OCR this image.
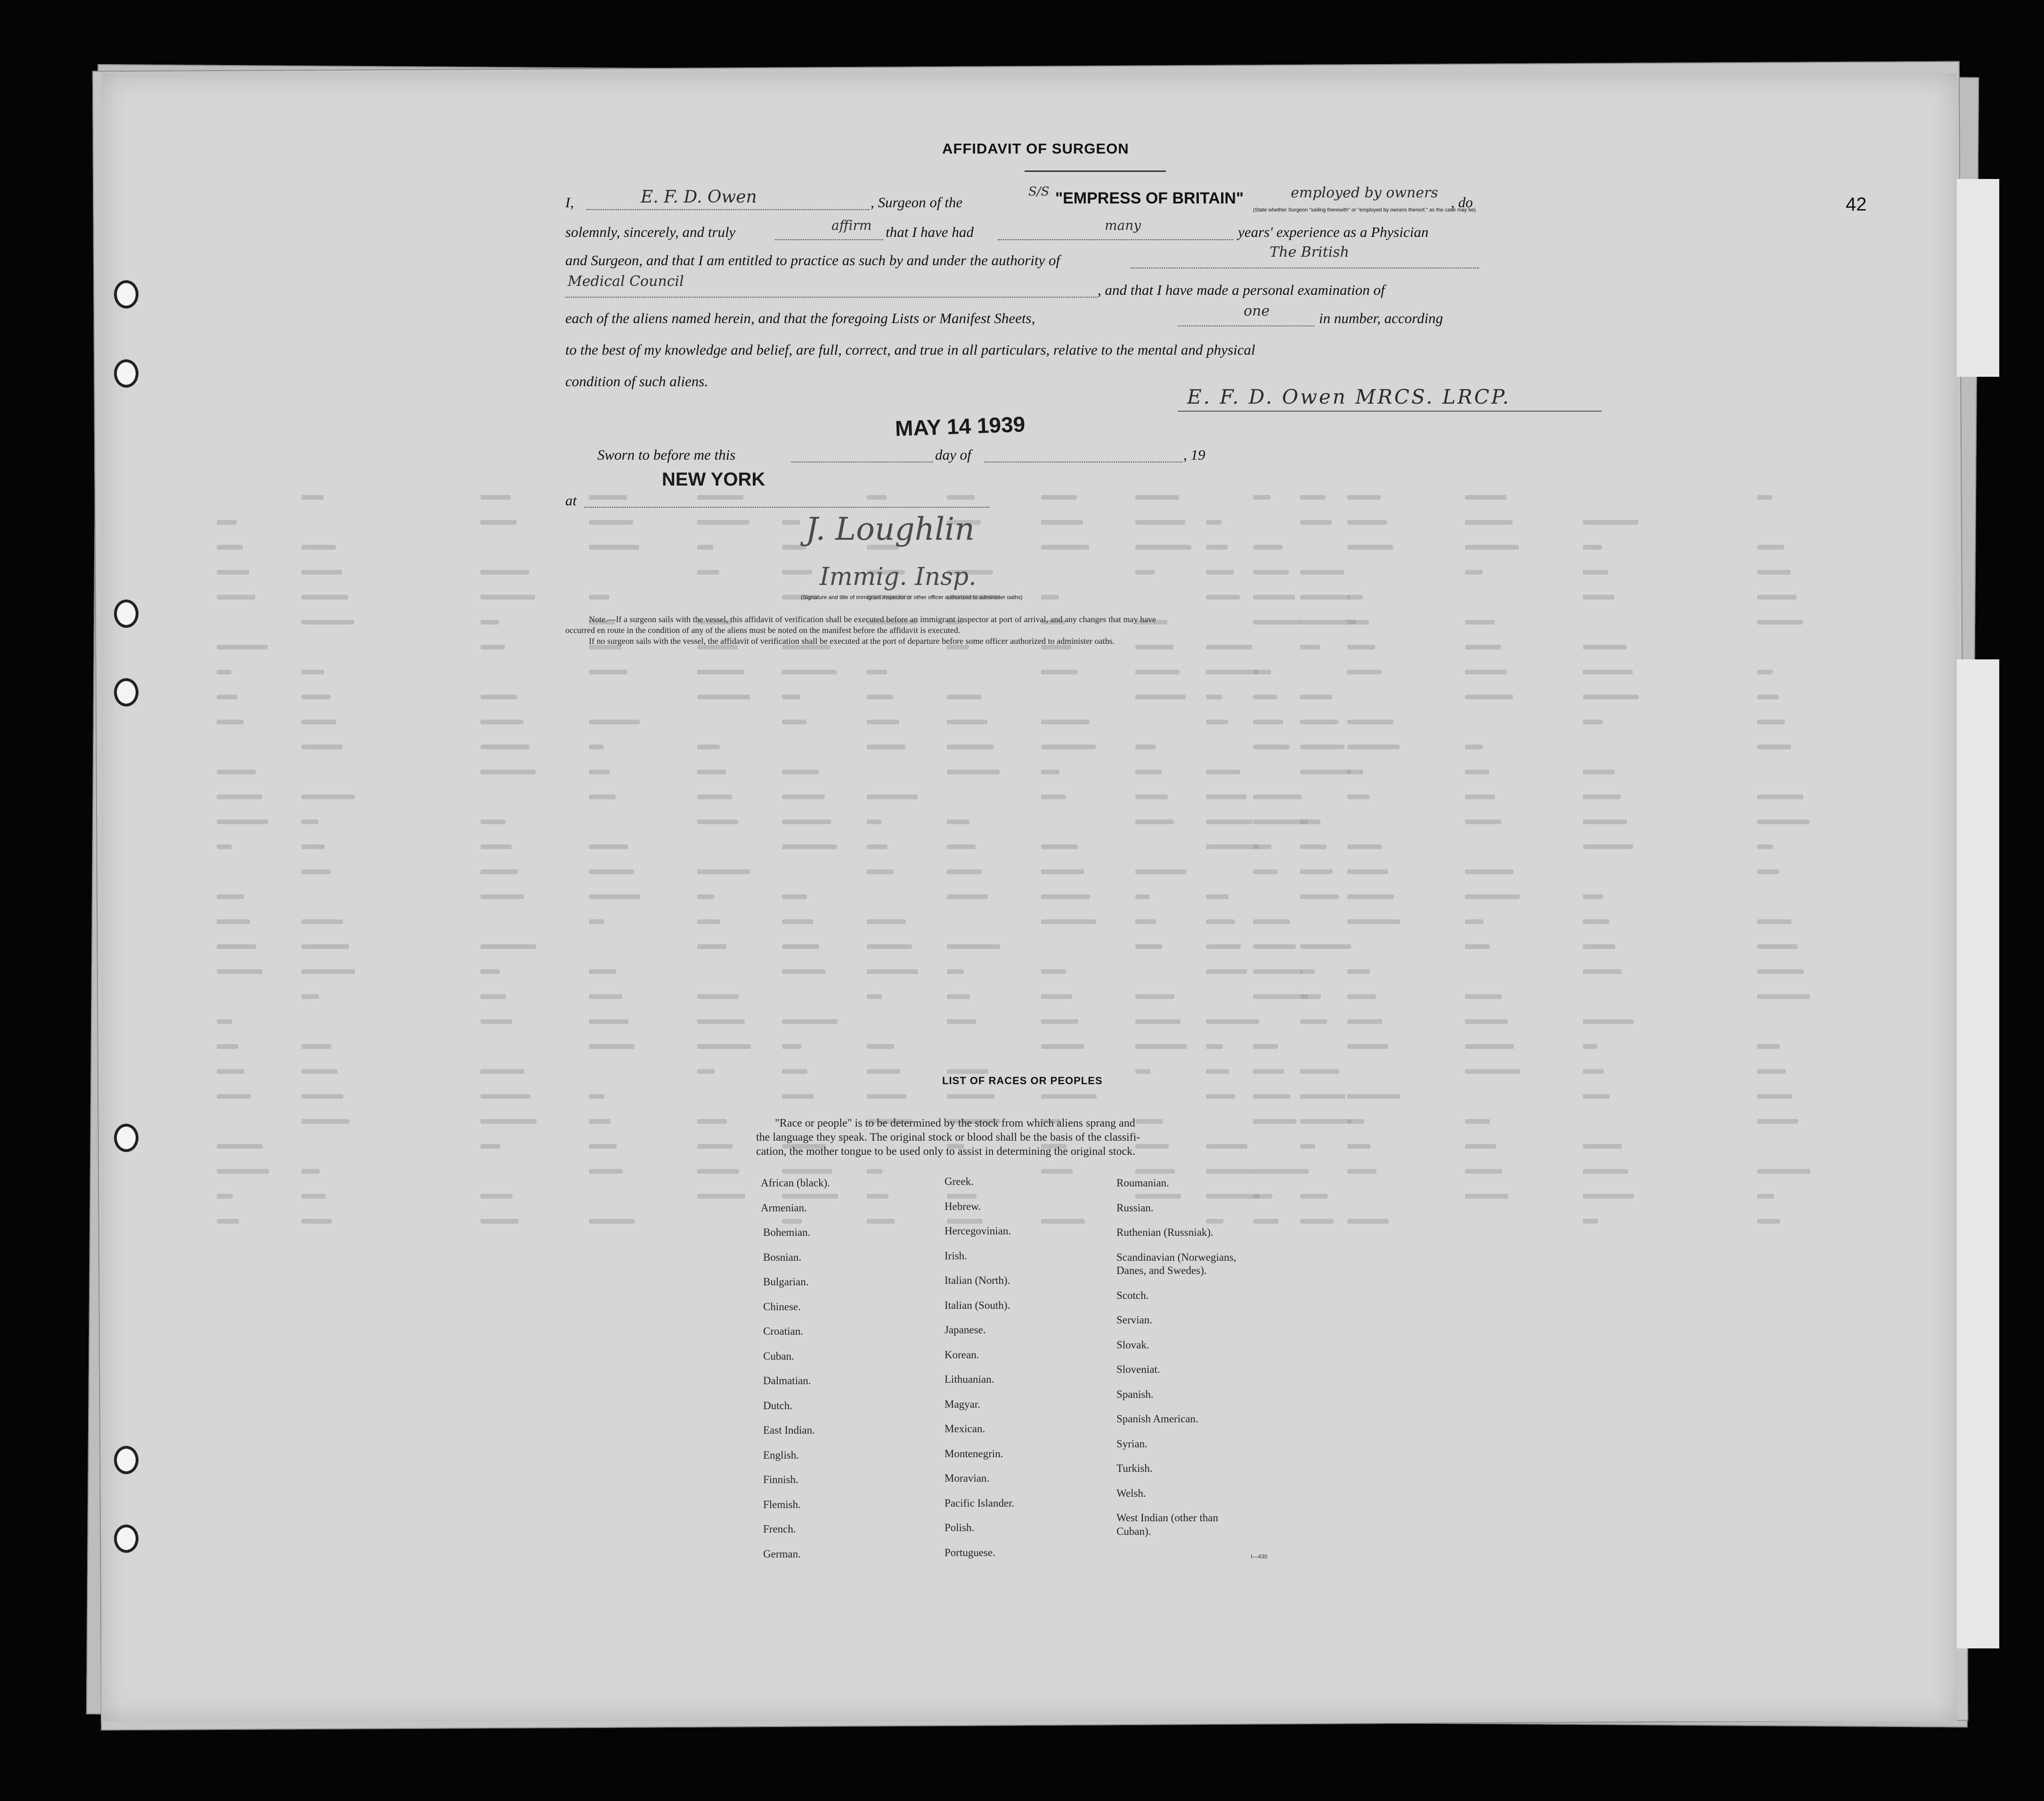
42
AFFIDAVIT OF SURGEON
I,	E. F. D. Owen	, Surgeon of the
S/S "EMPRESS OF BRITAIN"	employed by owners
(State whether Surgeon "sailing therewith" or "employed by owners thereof," as the case may be)
, do
solemnly, sincerely, and truly	affirm that I have had	many	years' experience as a Physician
and Surgeon, and that I am entitled to practice as such by and under the authority of	The British
Medical Council
, and that I have made a personal examination of
each of the aliens named herein, and that the foregoing Lists or Manifest Sheets,	one	in number, according
to the best of my knowledge and belief, are full, correct, and true in all particulars, relative to the mental and physical
condition of such aliens.
E. F. D. Owen MRCS. LRCP.
MAY 14 1939
Sworn to before me this	day of	, 19
NEW YORK
at
J. Loughlin
Immig. Insp.
(Signature and title of immigrant inspector or other officer authorized to administer oaths)
Note.—If a surgeon sails with the vessel, this affidavit of verification shall be executed before an immigrant inspector at port of arrival, and any changes that may have
occurred en route in the condition of any of the aliens must be noted on the manifest before the affidavit is executed.
If no surgeon sails with the vessel, the affidavit of verification shall be executed at the port of departure before some officer authorized to administer oaths.
LIST OF RACES OR PEOPLES
"Race or people" is to be determined by the stock from which aliens sprang and
the language they speak. The original stock or blood shall be the basis of the classifi-
cation, the mother tongue to be used only to assist in determining the original stock.
African (black).
Armenian.
Bohemian.
Bosnian.
Bulgarian.
Chinese.
Croatian.
Cuban.
Dalmatian.
Dutch.
East Indian.
English.
Finnish.
Flemish.
French.
German.
Greek.
Hebrew.
Hercegovinian.
Irish.
Italian (North).
Italian (South).
Japanese.
Korean.
Lithuanian.
Magyar.
Mexican.
Montenegrin.
Moravian.
Pacific Islander.
Polish.
Portuguese.
Roumanian.
Russian.
Ruthenian (Russniak).
Scandinavian (Norwegians,
Danes, and Swedes).
Scotch.
Servian.
Slovak.
Sloveniat.
Spanish.
Spanish American.
Syrian.
Turkish.
Welsh.
West Indian (other than
Cuban).
I—430
